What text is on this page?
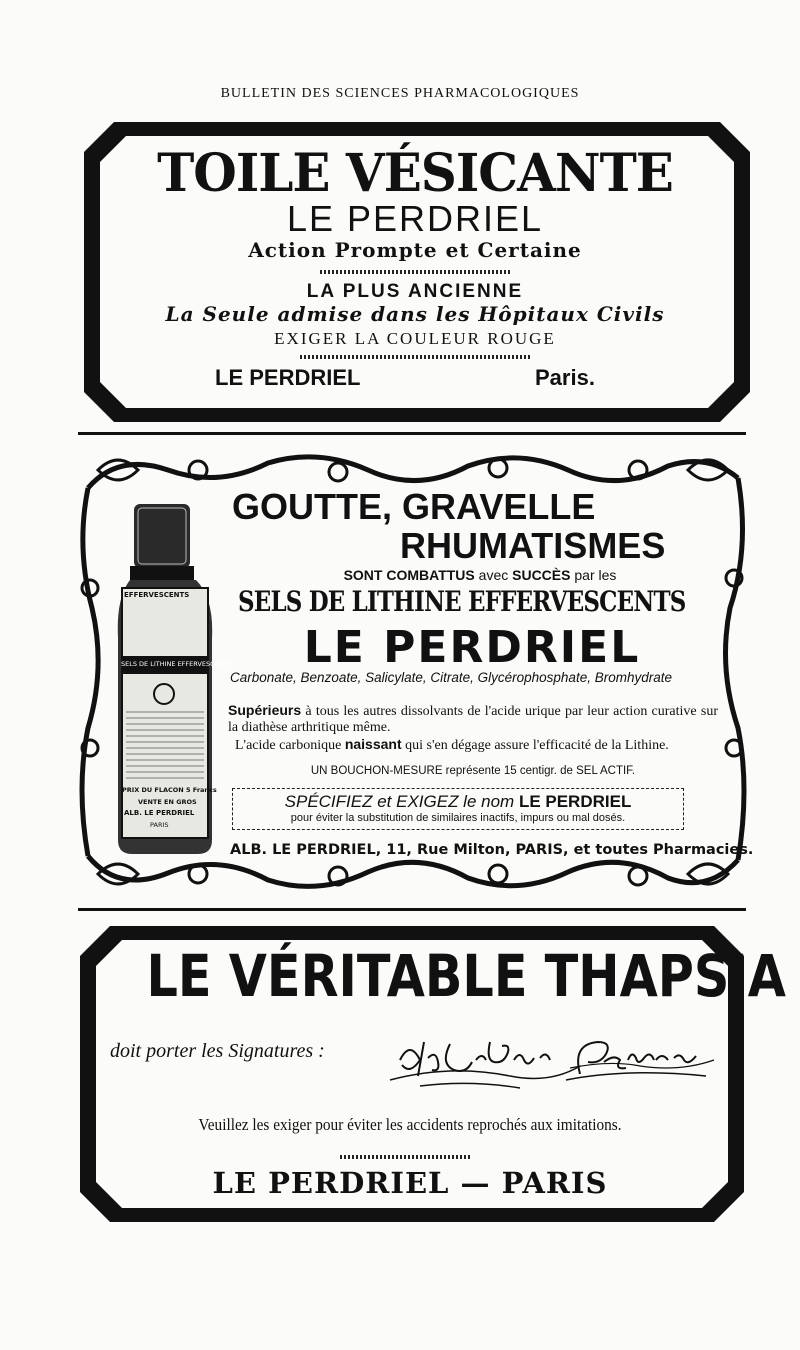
BULLETIN DES SCIENCES PHARMACOLOGIQUES
TOILE VÉSICANTE
LE PERDRIEL
Action Prompte et Certaine
LA PLUS ANCIENNE
La Seule admise dans les Hôpitaux Civils
EXIGER LA COULEUR ROUGE
LE PERDRIEL	Paris.
EFFERVESCENTS
SELS DE LITHINE EFFERVESCENTS
PRIX DU FLACON 5 Francs
VENTE EN GROS
ALB. LE PERDRIEL
PARIS
GOUTTE, GRAVELLE
RHUMATISMES
SONT COMBATTUS avec SUCCÈS par les
SELS DE LITHINE EFFERVESCENTS
LE PERDRIEL
Carbonate, Benzoate, Salicylate, Citrate, Glycérophosphate, Bromhydrate
Supérieurs à tous les autres dissolvants de l'acide urique par leur action curative sur la diathèse arthritique même.
L'acide carbonique naissant qui s'en dégage assure l'efficacité de la Lithine.
UN BOUCHON-MESURE représente 15 centigr. de SEL ACTIF.
SPÉCIFIEZ et EXIGEZ le nom LE PERDRIEL
pour éviter la substitution de similaires inactifs, impurs ou mal dosés.
ALB. LE PERDRIEL, 11, Rue Milton, PARIS, et toutes Pharmacies.
LE VÉRITABLE THAPSIA
doit porter les Signatures :
Veuillez les exiger pour éviter les accidents reprochés aux imitations.
LE PERDRIEL — PARIS
